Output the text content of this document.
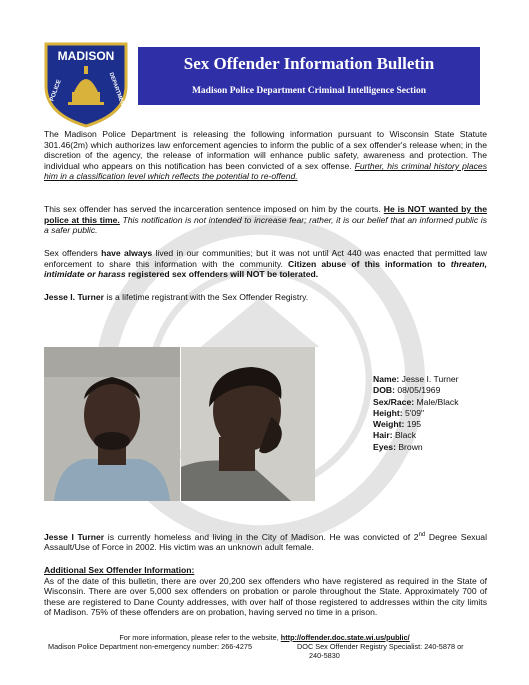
MADISON
POLICE	DEPARTMENT
Sex Offender Information Bulletin
Madison Police Department Criminal Intelligence Section
The Madison Police Department is releasing the following information pursuant to Wisconsin State Statute 301.46(2m) which authorizes law enforcement agencies to inform the public of a sex offender's release when; in the discretion of the agency, the release of information will enhance public safety, awareness and protection. The individual who appears on this notification has been convicted of a sex offense. Further, his criminal history places him in a classification level which reflects the potential to re-offend.
This sex offender has served the incarceration sentence imposed on him by the courts. He is NOT wanted by the police at this time. This notification is not intended to increase fear; rather, it is our belief that an informed public is a safer public.
Sex offenders have always lived in our communities; but it was not until Act 440 was enacted that permitted law enforcement to share this information with the community. Citizen abuse of this information to threaten, intimidate or harass registered sex offenders will NOT be tolerated.
Jesse I. Turner is a lifetime registrant with the Sex Offender Registry.
Name: Jesse I. Turner
DOB: 08/05/1969
Sex/Race: Male/Black
Height: 5'09"
Weight: 195
Hair: Black
Eyes: Brown
Jesse I Turner is currently homeless and living in the City of Madison. He was convicted of 2nd Degree Sexual Assault/Use of Force in 2002. His victim was an unknown adult female.
Additional Sex Offender Information:
As of the date of this bulletin, there are over 20,200 sex offenders who have registered as required in the State of Wisconsin. There are over 5,000 sex offenders on probation or parole throughout the State. Approximately 700 of these are registered to Dane County addresses, with over half of those registered to addresses within the city limits of Madison. 75% of these offenders are on probation, having served no time in a prison.
For more information, please refer to the website, http://offender.doc.state.wi.us/public/
Madison Police Department non-emergency number: 266-4275	DOC Sex Offender Registry Specialist: 240-5878 or
240-5830
